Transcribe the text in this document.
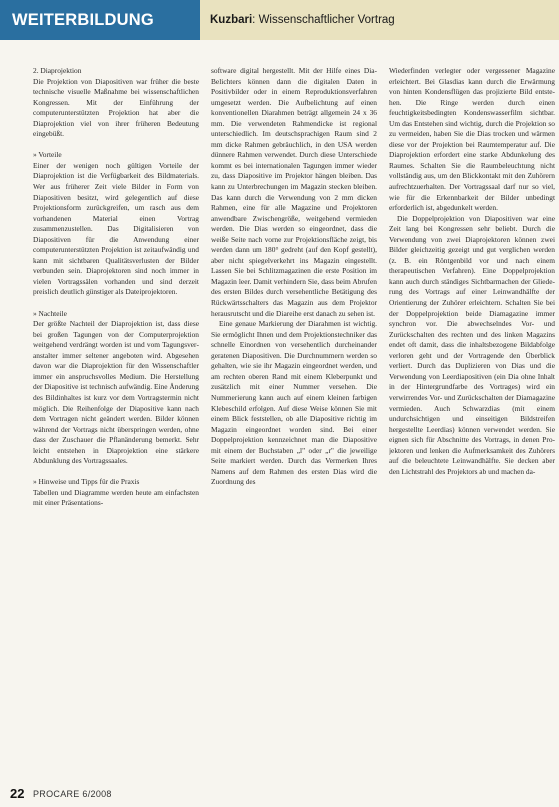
WEITERBILDUNG	Kuzbari: Wissenschaftlicher Vortrag
2. Diaprojektion

Die Projektion von Diapositiven war früher die beste technische visuelle Maßnahme bei wissenschaftlichen Kongressen. Mit der Einführung der computerunterstützten Projektion hat aber die Diaprojektion viel von ihrer früheren Bedeutung eingebüßt.

» Vorteile

Einer der wenigen noch gültigen Vorteile der Diaprojektion ist die Verfügbarkeit des Bildmaterials. Wer aus früherer Zeit viele Bilder in Form von Diapositiven besitzt, wird gelegentlich auf diese Projektionsform zurückgreifen, um rasch aus dem vorhandenen Material einen Vortrag zusammenzustellen. Das Digitalisieren von Diapositiven für die Anwendung einer computerunterstützten Projektion ist zeitaufwändig und kann mit sichtbaren Qualitätsverlusten der Bilder verbunden sein. Diaprojektoren sind noch immer in vielen Vortragssälen vorhanden und sind derzeit preislich deutlich günstiger als Dateiprojektoren.

» Nachteile

Der größte Nachteil der Diaprojektion ist, dass diese bei großen Tagungen von der Computerprojektion weitgehend verdrängt worden ist und vom Tagungsveranstalter immer seltener angeboten wird. Abgesehen davon war die Diaprojektion für den Wissenschaftler immer ein anspruchsvolles Medium. Die Herstellung der Diapositive ist technisch aufwändig. Eine Änderung des Bildinhaltes ist kurz vor dem Vortragstermin nicht möglich. Die Reihenfolge der Diapositive kann nach dem Vortragen nicht geändert werden. Bilder können während der Vortrags nicht überspringen werden, ohne dass der Zuschauer die Pflanänderung bemerkt. Sehr leicht entstehen in Diaprojektion eine stärkere Abdunklung des Vortragssaales.

» Hinweise und Tipps für die Praxis

Tabellen und Diagramme werden heute am einfachsten mit einer Präsentations-

software digital hergestellt. Mit der Hilfe eines Dia-Belichters können dann die digitalen Daten in Positivbilder oder in einem Reproduktionsverfahren umgesetzt werden. Die Aufbelichtung auf einen konventionellen Diarahmen beträgt allgemein 24 x 36 mm. Die verwendeten Rahmendicke ist regional unterschiedlich. Im deutschsprachigen Raum sind 2 mm dicke Rahmen gebräuchlich, in den USA werden dünnere Rahmen verwendet. Durch diese Unterschiede kommt es bei internationalen Tagungen immer wieder zu, dass Diapositive im Projektor hängen bleiben. Das kann zu Unterbrechungen im Magazin stecken bleiben. Das kann durch die Verwendung von 2 mm dicken Rahmen, eine für alle Magazine und Projektoren anwendbare Zwischengröße, weitgehend vermieden werden. Die Dias werden so eingeordnet, dass die weiße Seite nach vorne zur Projektionsfläche zeigt, bis werden dann um 180° gedreht (auf den Kopf gestellt), aber nicht spiegelverkehrt ins Magazin eingestellt. Lassen Sie bei Schlitzmagazinen die erste Position im Magazin leer. Damit verhindern Sie, dass beim Abrufen des ersten Bildes durch versehentliche Betätigung des Rückwärtsschalters das Magazin aus dem Projektor herausrutscht und die Diareihe erst danach zu sehen ist.

Eine genaue Markierung der Diarahmen ist wichtig. Sie ermöglicht Ihnen und dem Projektionstechniker das schnelle Einordnen von versehentlich durcheinander geratenen Diapositiven. Die Durchnummern werden so gehalten, wie sie ihr Magazin eingeordnet werden, und am rechten oberen Rand mit einem Kleberpunkt und zusätzlich mit einer Nummer versehen. Die Nummerierung kann auch auf einem kleinen farbigen Klebeschild erfolgen. Auf diese Weise können Sie mit einem Blick feststellen, ob alle Diapositive richtig im Magazin eingeordnet worden sind. Bei einer Doppelprojektion kennzeichnet man die Diapositive mit einem der Buchstaben „l" oder „r" die jeweilige Seite markiert werden. Durch das Vermerken Ihres Namens auf dem Rahmen des ersten Dias wird die Zuordnung des

Wiederfinden verlegter oder vergessener Magazine erleichtert. Bei Glasdias kann durch die Erwärmung von hinten Kondensflügen das projizierte Bild entstehen. Die Ringe werden durch einen feuchtigkeitsbedingten Kondenswasserfilm sichtbar. Um das Entstehen sind wichtig, durch die Projektion so zu vermeiden, haben Sie die Dias trocken und wärmen diese vor der Projektion bei Raumtemperatur auf. Die Diaprojektion erfordert eine starke Abdunkelung des Raumes. Schalten Sie die Raumbeleuchtung nicht vollständig aus, um den Blickkontakt mit den Zuhörern aufrechtzuerhalten. Der Vortragssaal darf nur so viel, wie für die Erkennbarkeit der Bilder unbedingt erforderlich ist, abgedunkelt werden.

Die Doppelprojektion von Diapositiven war eine Zeit lang bei Kongressen sehr beliebt. Durch die Verwendung von zwei Diaprojektoren können zwei Bilder gleichzeitig gezeigt und gut verglichen werden (z. B. ein Röntgenbild vor und nach einem therapeutischen Verfahren). Eine Doppelprojektion kann auch durch ständiges Sichtbarmachen der Gliederung des Vortrags auf einer Leinwandhälfte der Orientierung der Zuhörer erleichtern. Schalten Sie bei der Doppelprojektion beide Diamagazine immer synchron vor. Die abwechselndes Vor- und Zurückschalten des rechten und des linken Magazins endet oft damit, dass die inhaltsbezogene Bildabfolge verloren geht und der Vortragende den Überblick verliert. Durch das Duplizieren von Dias und die Verwendung von Leerdiapositiven (ein Dia ohne Inhalt in der Hintergrundfarbe des Vortrages) wird ein verwirrendes Vor- und Zurückschalten der Diamagazine vermieden. Auch Schwarzdias (mit einem undurchsichtigen und einseitigen Bildstreifen hergestellte Leerdias) können verwendet werden. Sie eignen sich für Abschnitte des Vortrags, in denen Projektoren und lenken die Aufmerksamkeit des Zuhörers auf die beleuchtete Leinwandhälfte. Sie decken aber den Lichtstrahl des Projektors ab und machen da-

22 PROCARE 6/2008
